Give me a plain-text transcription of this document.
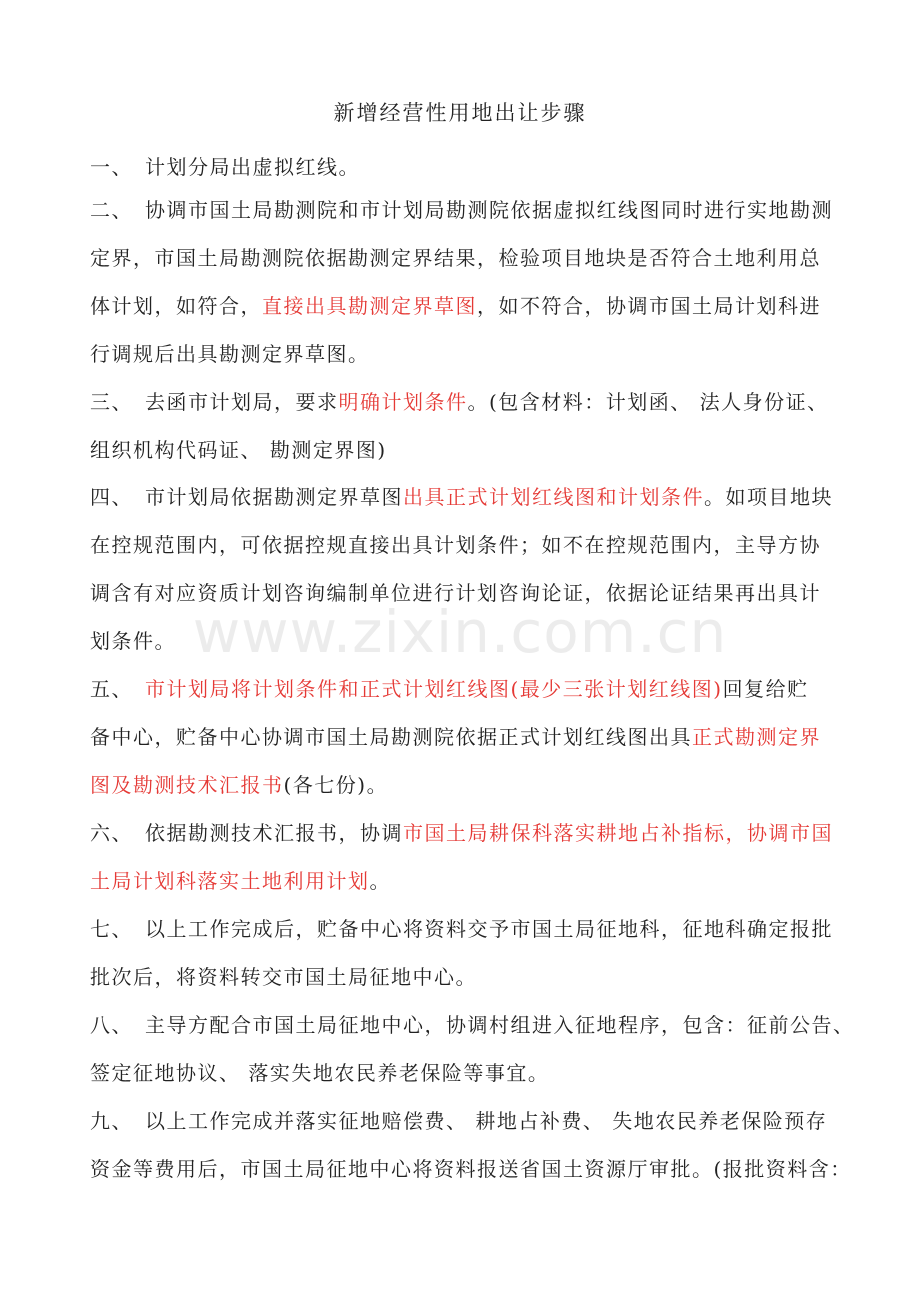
新增经营性用地出让步骤
一、 计划分局出虚拟红线。
二、 协调市国土局勘测院和市计划局勘测院依据虚拟红线图同时进行实地勘测
定界，市国土局勘测院依据勘测定界结果，检验项目地块是否符合土地利用总
体计划，如符合，直接出具勘测定界草图，如不符合，协调市国土局计划科进
行调规后出具勘测定界草图。
三、 去函市计划局，要求明确计划条件。(包含材料：计划函、 法人身份证、
组织机构代码证、 勘测定界图)
四、 市计划局依据勘测定界草图出具正式计划红线图和计划条件。如项目地块
在控规范围内，可依据控规直接出具计划条件；如不在控规范围内，主导方协
调含有对应资质计划咨询编制单位进行计划咨询论证，依据论证结果再出具计
划条件。
五、 市计划局将计划条件和正式计划红线图(最少三张计划红线图)回复给贮
备中心，贮备中心协调市国土局勘测院依据正式计划红线图出具正式勘测定界
图及勘测技术汇报书(各七份)。
六、 依据勘测技术汇报书，协调市国土局耕保科落实耕地占补指标，协调市国
土局计划科落实土地利用计划。
七、 以上工作完成后，贮备中心将资料交予市国土局征地科，征地科确定报批
批次后，将资料转交市国土局征地中心。
八、 主导方配合市国土局征地中心，协调村组进入征地程序，包含：征前公告、
签定征地协议、 落实失地农民养老保险等事宜。
九、 以上工作完成并落实征地赔偿费、 耕地占补费、 失地农民养老保险预存
资金等费用后，市国土局征地中心将资料报送省国土资源厅审批。(报批资料含：
www.zixin.com.cn
